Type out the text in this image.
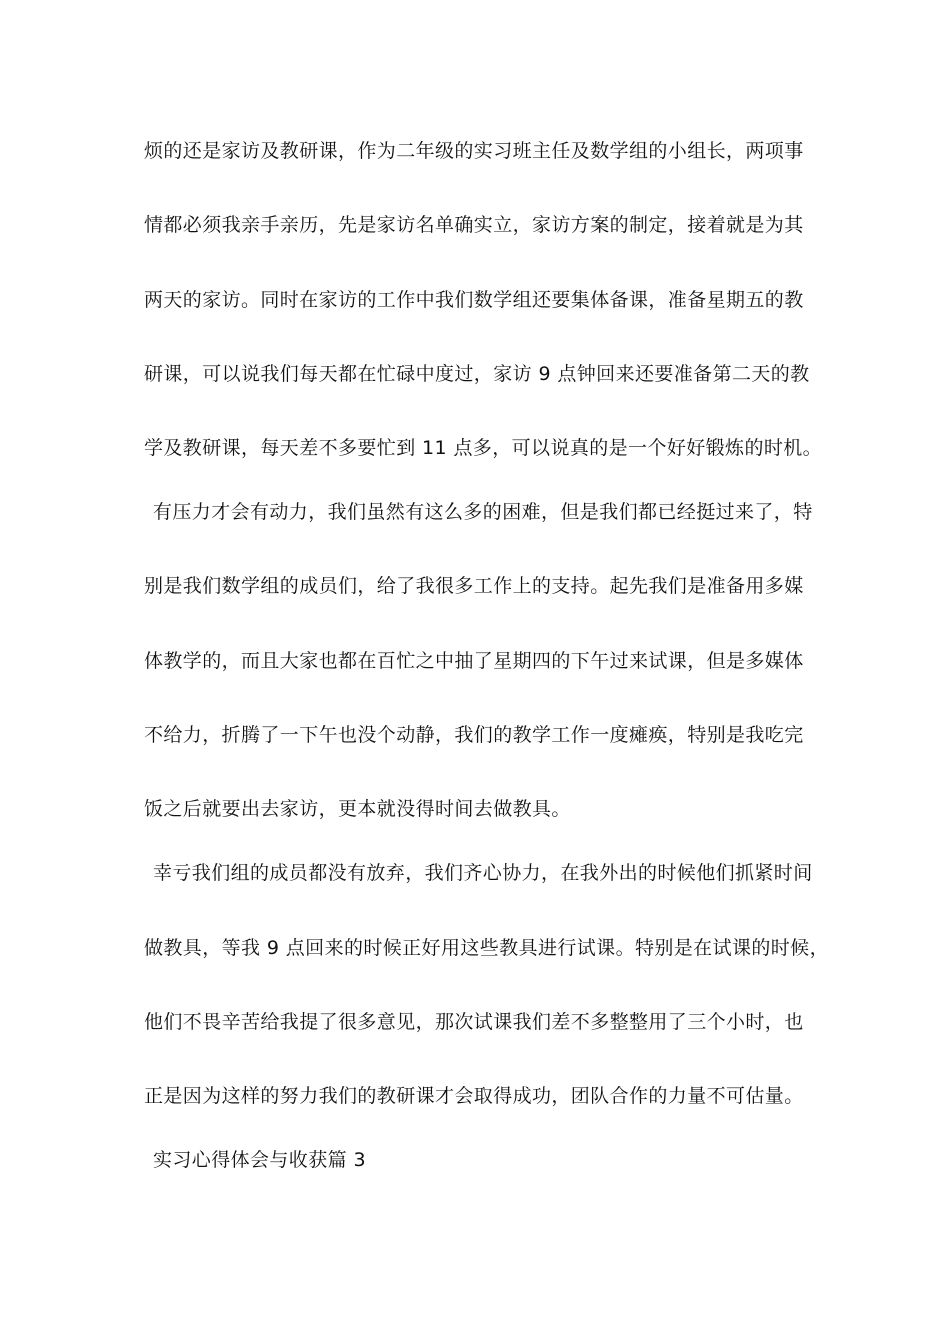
烦的还是家访及教研课，作为二年级的实习班主任及数学组的小组长，两项事
情都必须我亲手亲历，先是家访名单确实立，家访方案的制定，接着就是为其
两天的家访。同时在家访的工作中我们数学组还要集体备课，准备星期五的教
研课，可以说我们每天都在忙碌中度过，家访 9 点钟回来还要准备第二天的教
学及教研课，每天差不多要忙到 11 点多，可以说真的是一个好好锻炼的时机。
有压力才会有动力，我们虽然有这么多的困难，但是我们都已经挺过来了，特
别是我们数学组的成员们，给了我很多工作上的支持。起先我们是准备用多媒
体教学的，而且大家也都在百忙之中抽了星期四的下午过来试课，但是多媒体
不给力，折腾了一下午也没个动静，我们的教学工作一度瘫痪，特别是我吃完
饭之后就要出去家访，更本就没得时间去做教具。
幸亏我们组的成员都没有放弃，我们齐心协力，在我外出的时候他们抓紧时间
做教具，等我 9 点回来的时候正好用这些教具进行试课。特别是在试课的时候，
他们不畏辛苦给我提了很多意见，那次试课我们差不多整整用了三个小时，也
正是因为这样的努力我们的教研课才会取得成功，团队合作的力量不可估量。
实习心得体会与收获篇 3
